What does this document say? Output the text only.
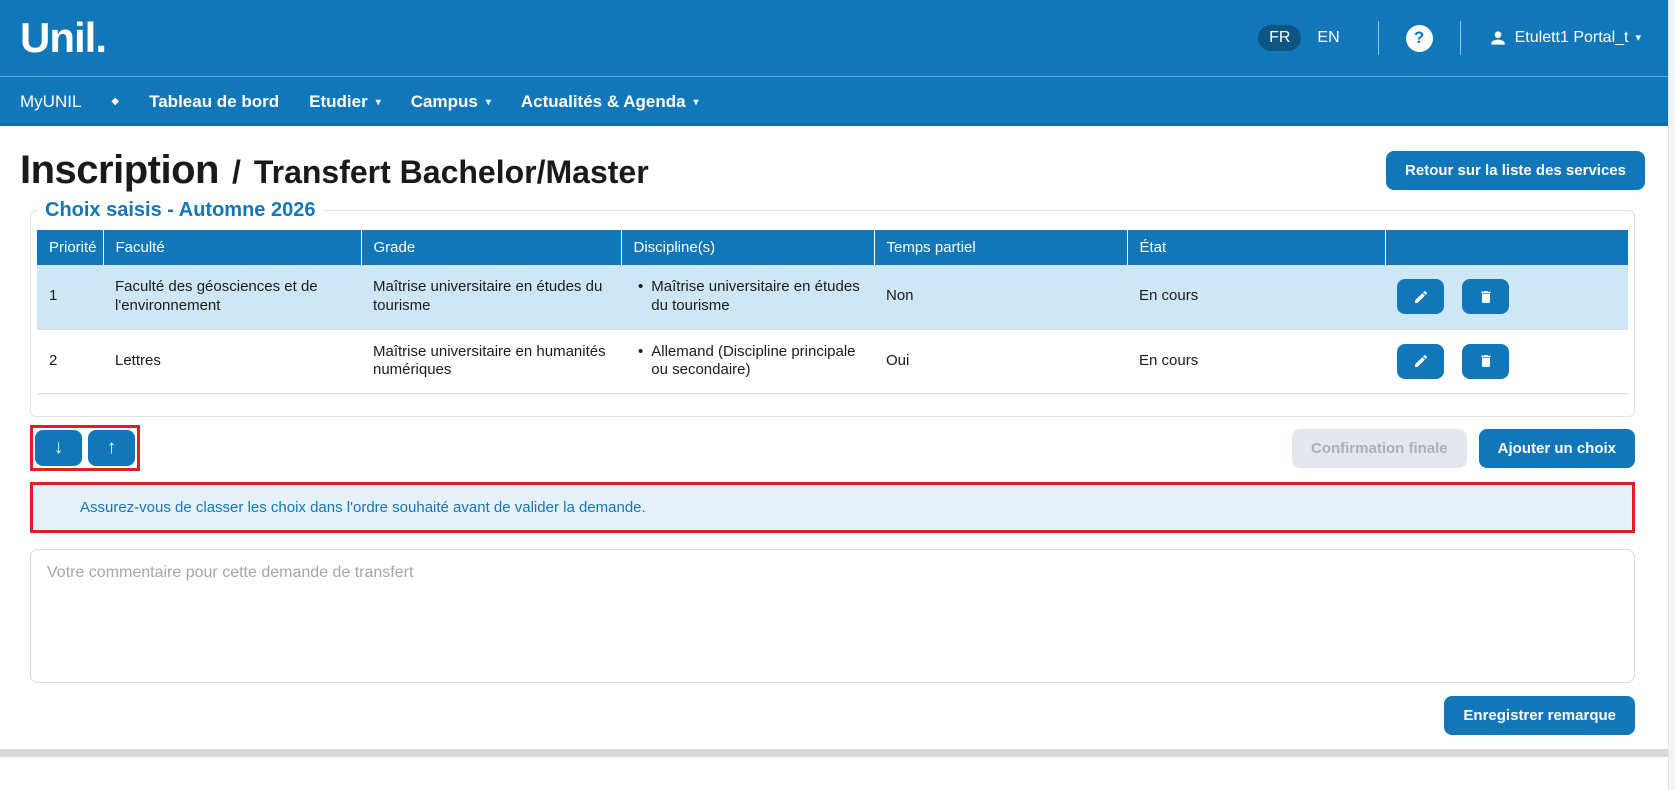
Unil.	FR	EN	?	Etulett1 Portal_t ▾
MyUNIL	◆ Tableau de bord Etudier ▾ Campus ▾ Actualités & Agenda ▾
Inscription / Transfert Bachelor/Master	Retour sur la liste des services
Choix saisis - Automne 2026
Priorité	Faculté	Grade	Discipline(s)	Temps partiel	État	
1	Faculté des géosciences et de l'environnement	Maîtrise universitaire en études du tourisme	• Maîtrise universitaire en études du tourisme	Non	En cours	

2	Lettres	Maîtrise universitaire en humanités numériques	• Allemand (Discipline principale ou secondaire)	Oui	En cours	

↓ ↑	Confirmation finale	Ajouter un choix
Assurez-vous de classer les choix dans l'ordre souhaité avant de valider la demande.
Votre commentaire pour cette demande de transfert
Enregistrer remarque
